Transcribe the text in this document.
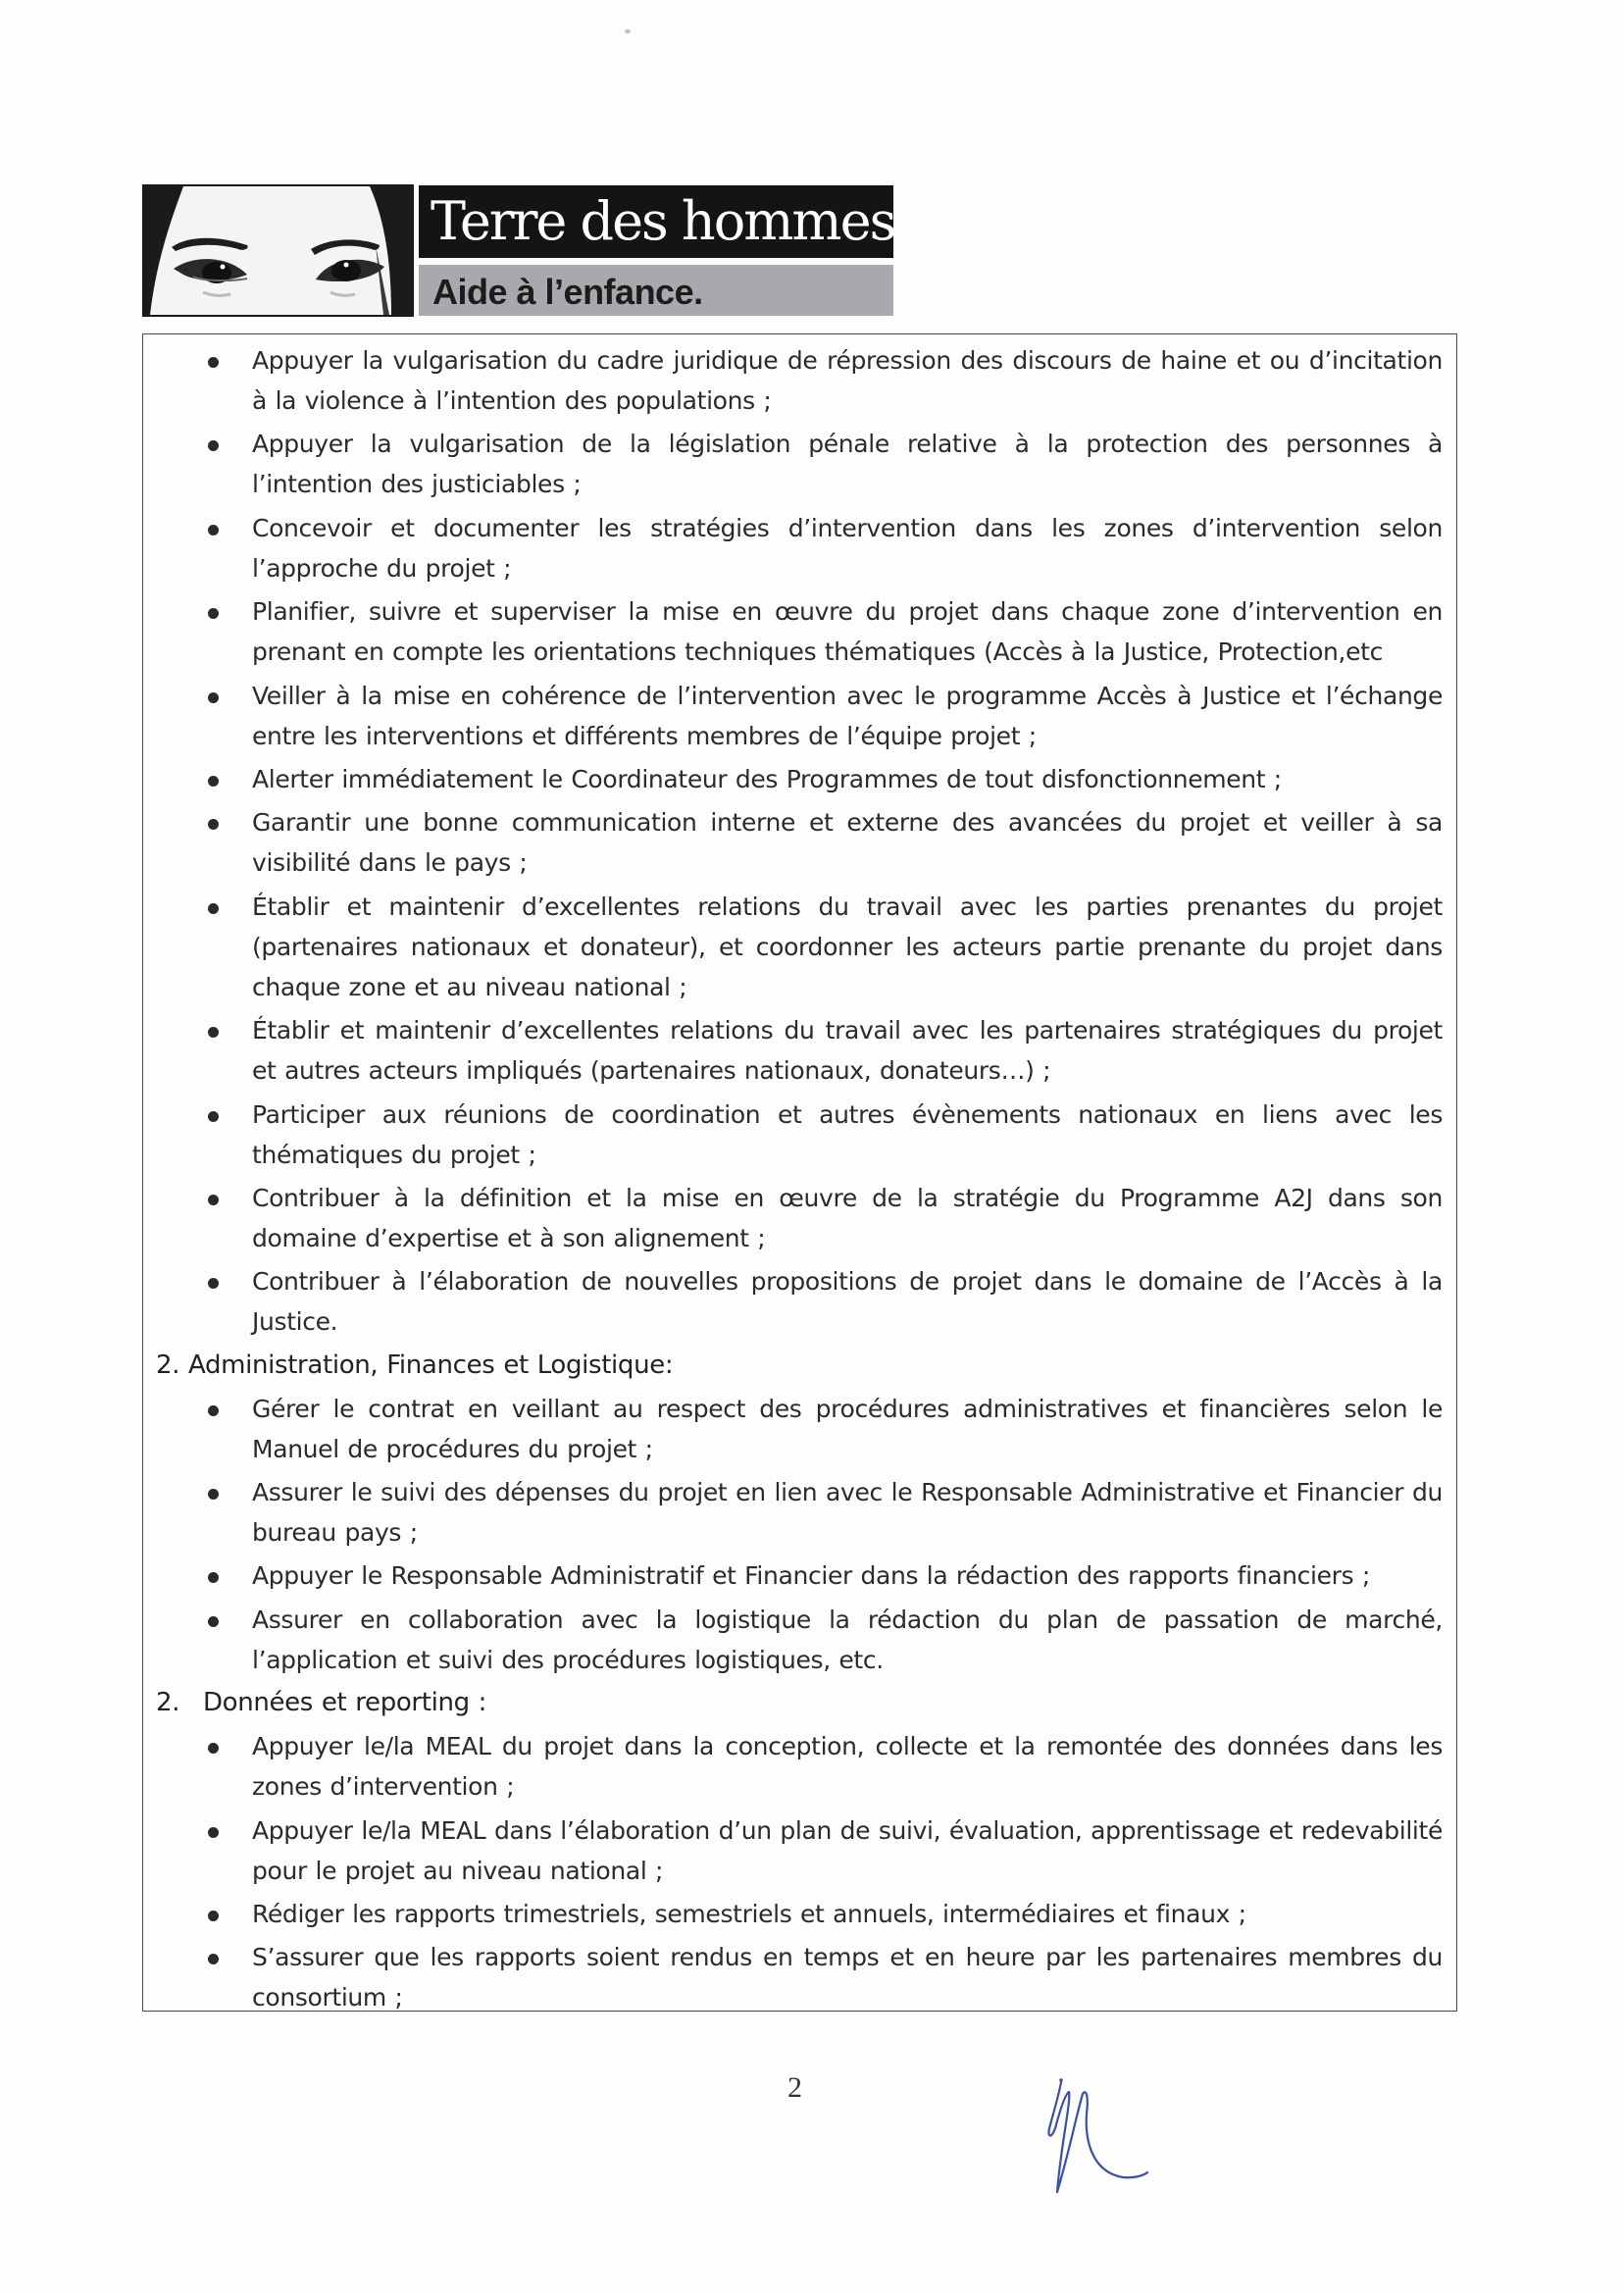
Terre des hommes
Aide à l’enfance.
Appuyer la vulgarisation du cadre juridique de répression des discours de haine et ou d’incitation à la violence à l’intention des populations ;
Appuyer la vulgarisation de la législation pénale relative à la protection des personnes à l’intention des justiciables ;
Concevoir et documenter les stratégies d’intervention dans les zones d’intervention selon l’approche du projet ;
Planifier, suivre et superviser la mise en œuvre du projet dans chaque zone d’intervention en prenant en compte les orientations techniques thématiques (Accès à la Justice, Protection,etc
Veiller à la mise en cohérence de l’intervention avec le programme Accès à Justice et l’échange entre les interventions et différents membres de l’équipe projet ;
Alerter immédiatement le Coordinateur des Programmes de tout disfonctionnement ;
Garantir une bonne communication interne et externe des avancées du projet et veiller à sa visibilité dans le pays ;
Établir et maintenir d’excellentes relations du travail avec les parties prenantes du projet (partenaires nationaux et donateur), et coordonner les acteurs partie prenante du projet dans chaque zone et au niveau national ;
Établir et maintenir d’excellentes relations du travail avec les partenaires stratégiques du projet et autres acteurs impliqués (partenaires nationaux, donateurs…) ;
Participer aux réunions de coordination et autres évènements nationaux en liens avec les thématiques du projet ;
Contribuer à la définition et la mise en œuvre de la stratégie du Programme A2J dans son domaine d’expertise et à son alignement ;
Contribuer à l’élaboration de nouvelles propositions de projet dans le domaine de l’Accès à la Justice.
2. Administration, Finances et Logistique:
Gérer le contrat en veillant au respect des procédures administratives et financières selon le Manuel de procédures du projet ;
Assurer le suivi des dépenses du projet en lien avec le Responsable Administrative et Financier du bureau pays ;
Appuyer le Responsable Administratif et Financier dans la rédaction des rapports financiers ;
Assurer en collaboration avec la logistique la rédaction du plan de passation de marché, l’application et suivi des procédures logistiques, etc.
2. Données et reporting :
Appuyer le/la MEAL du projet dans la conception, collecte et la remontée des données dans les zones d’intervention ;
Appuyer le/la MEAL dans l’élaboration d’un plan de suivi, évaluation, apprentissage et redevabilité pour le projet au niveau national ;
Rédiger les rapports trimestriels, semestriels et annuels, intermédiaires et finaux ;
S’assurer que les rapports soient rendus en temps et en heure par les partenaires membres du consortium ;
2
